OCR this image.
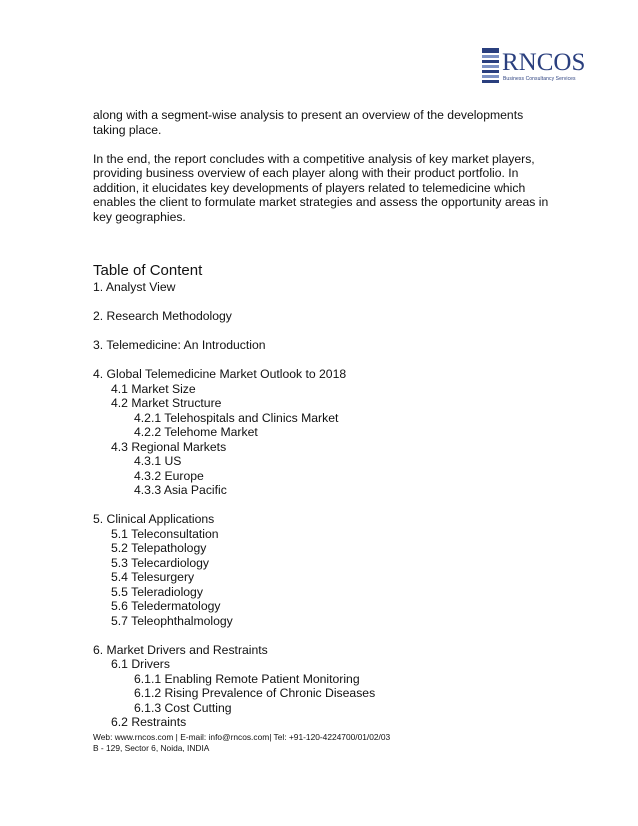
RNCOS
Business Consultancy Services

along with a segment-wise analysis to present an overview of the developments taking place.

In the end, the report concludes with a competitive analysis of key market players, providing business overview of each player along with their product portfolio. In addition, it elucidates key developments of players related to telemedicine which enables the client to formulate market strategies and assess the opportunity areas in key geographies.

Table of Content
1. Analyst View
2. Research Methodology
3. Telemedicine: An Introduction
4. Global Telemedicine Market Outlook to 2018
4.1 Market Size
4.2 Market Structure
4.2.1 Telehospitals and Clinics Market
4.2.2 Telehome Market
4.3 Regional Markets
4.3.1 US
4.3.2 Europe
4.3.3 Asia Pacific
5. Clinical Applications
5.1 Teleconsultation
5.2 Telepathology
5.3 Telecardiology
5.4 Telesurgery
5.5 Teleradiology
5.6 Teledermatology
5.7 Teleophthalmology
6. Market Drivers and Restraints
6.1 Drivers
6.1.1 Enabling Remote Patient Monitoring
6.1.2 Rising Prevalence of Chronic Diseases
6.1.3 Cost Cutting
6.2 Restraints
Web: www.rncos.com | E-mail: info@rncos.com| Tel: +91-120-4224700/01/02/03
B - 129, Sector 6, Noida, INDIA
